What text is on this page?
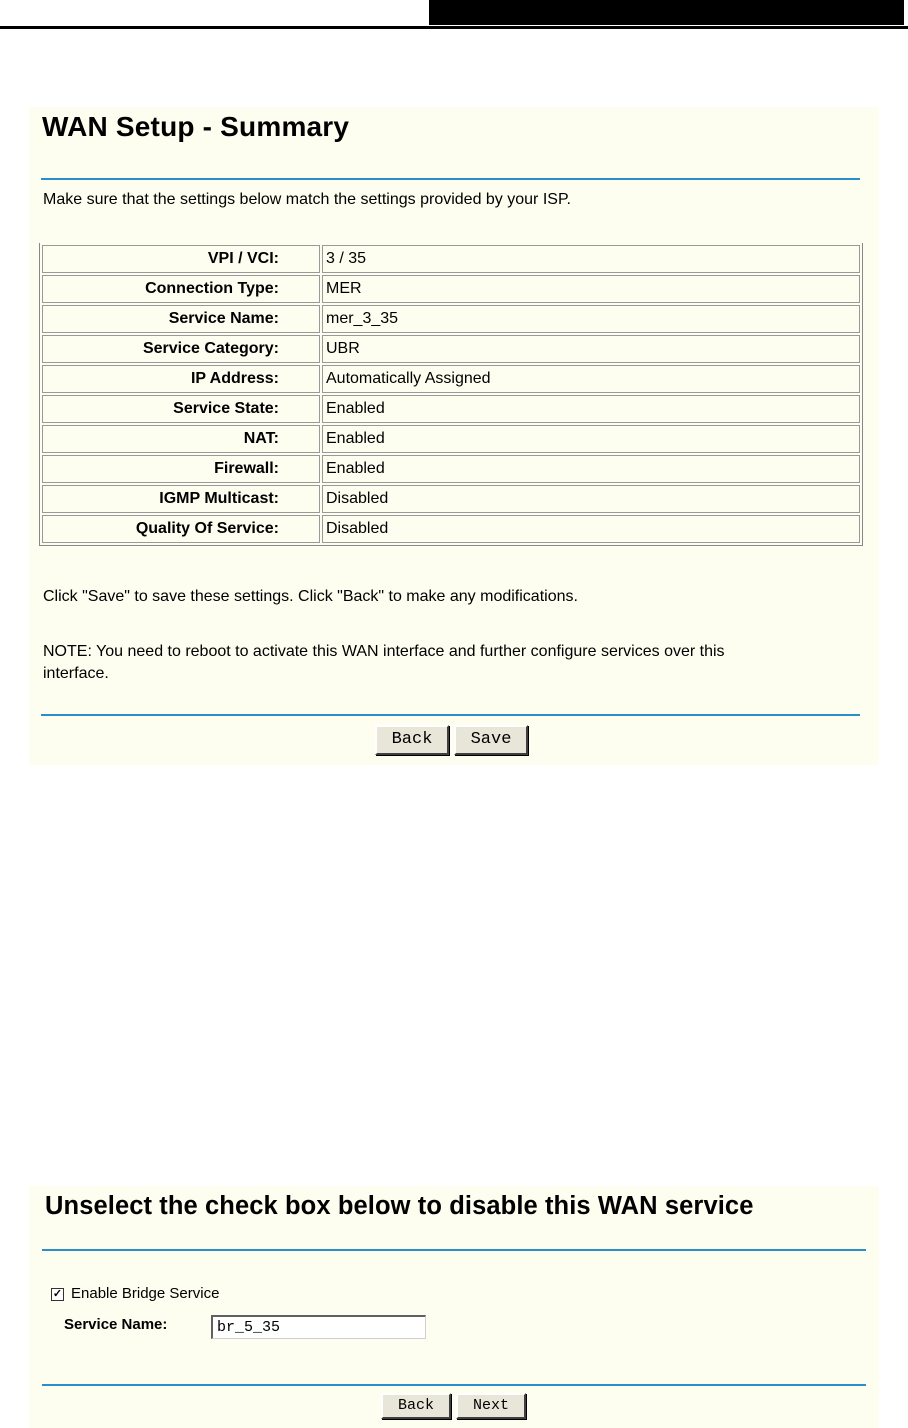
WAN Setup - Summary
Make sure that the settings below match the settings provided by your ISP.
VPI / VCI:	3 / 35
Connection Type:	MER
Service Name:	mer_3_35
Service Category:	UBR
IP Address:	Automatically Assigned
Service State:	Enabled
NAT:	Enabled
Firewall:	Enabled
IGMP Multicast:	Disabled
Quality Of Service:	Disabled
Click "Save" to save these settings. Click "Back" to make any modifications.
NOTE: You need to reboot to activate this WAN interface and further configure services over this
interface.
Back	Save
Unselect the check box below to disable this WAN service
✓ Enable Bridge Service
Service Name:
br_5_35
Back	Next
